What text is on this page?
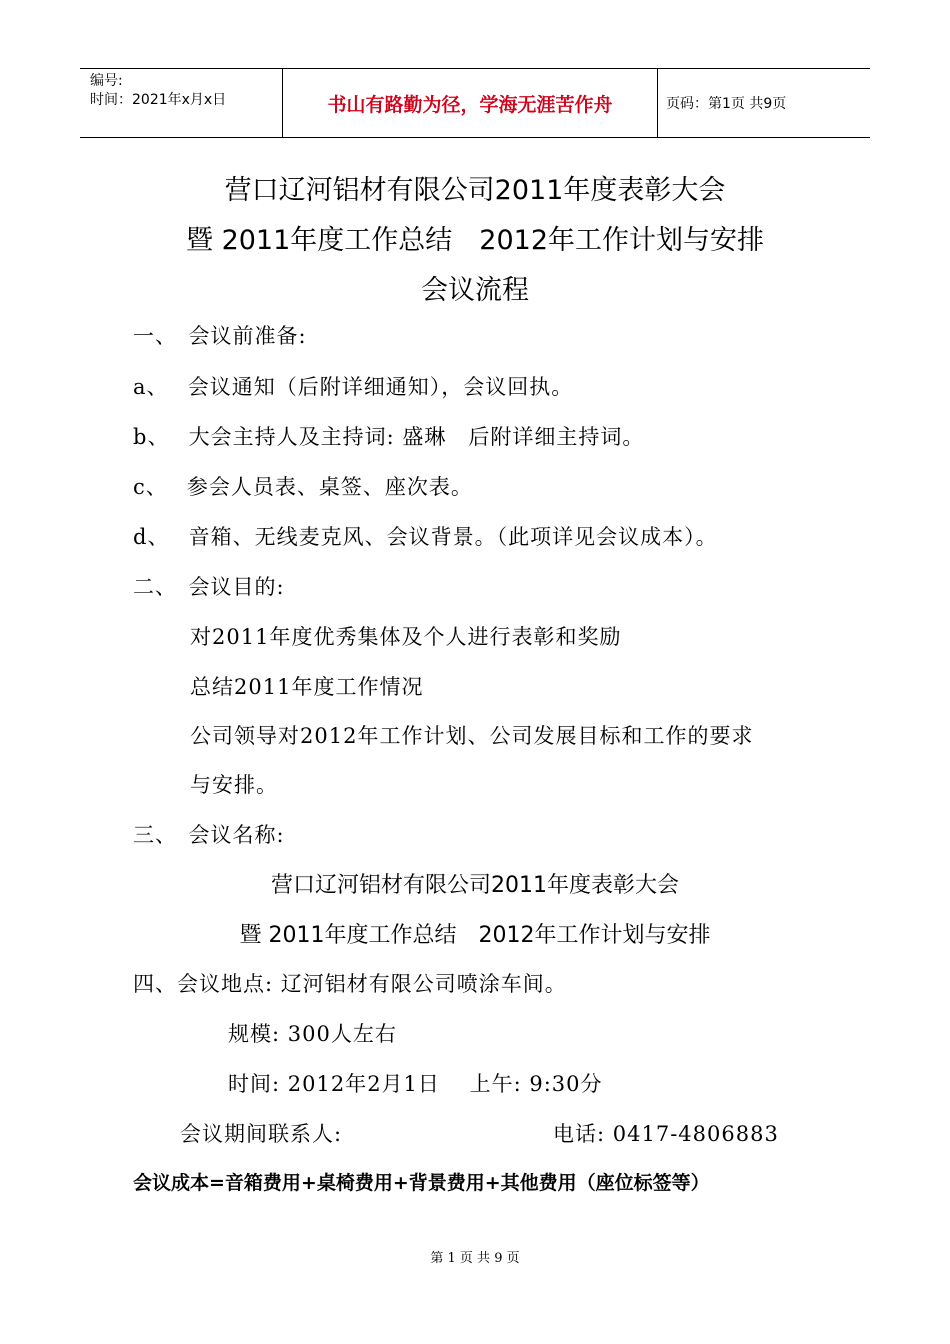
编号:
时间：2021年x月x日	书山有路勤为径，学海无涯苦作舟	页码：第1页 共9页
营口辽河铝材有限公司2011年度表彰大会
暨 2011年度工作总结　2012年工作计划与安排
会议流程
一、　会议前准备:
a、　 会议通知（后附详细通知），会议回执。
b、　 大会主持人及主持词: 盛琳　后附详细主持词。
c、　 参会人员表、桌签、座次表。
d、　 音箱、无线麦克风、会议背景。（此项详见会议成本）。
二、　会议目的:
对2011年度优秀集体及个人进行表彰和奖励
总结2011年度工作情况
公司领导对2012年工作计划、公司发展目标和工作的要求
与安排。
三、　会议名称:
营口辽河铝材有限公司2011年度表彰大会
暨 2011年度工作总结　2012年工作计划与安排
四、会议地点: 辽河铝材有限公司喷涂车间。
规模: 300人左右
时间: 2012年2月1日　 上午: 9:30分
会议期间联系人:	电话: 0417-4806883
会议成本=音箱费用+桌椅费用+背景费用+其他费用（座位标签等）
第 1 页 共 9 页
